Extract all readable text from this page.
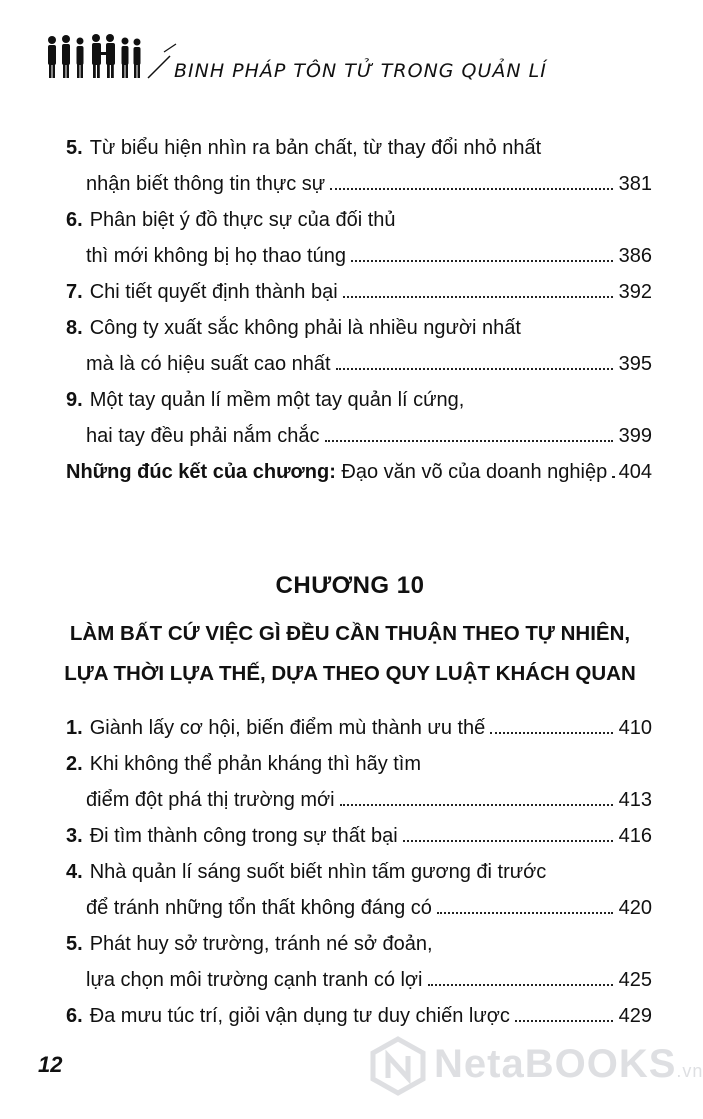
BINH PHÁP TÔN TỬ TRONG QUẢN LÍ
5. Từ biểu hiện nhìn ra bản chất, từ thay đổi nhỏ nhất
nhận biết thông tin thực sự	381
6. Phân biệt ý đồ thực sự của đối thủ
thì mới không bị họ thao túng	386
7. Chi tiết quyết định thành bại	392
8. Công ty xuất sắc không phải là nhiều người nhất
mà là có hiệu suất cao nhất	395
9. Một tay quản lí mềm một tay quản lí cứng,
hai tay đều phải nắm chắc	399
Những đúc kết của chương: Đạo văn võ của doanh nghiệp 404
CHƯƠNG 10
LÀM BẤT CỨ VIỆC GÌ ĐỀU CẦN THUẬN THEO TỰ NHIÊN,
LỰA THỜI LỰA THẾ, DỰA THEO QUY LUẬT KHÁCH QUAN
1. Giành lấy cơ hội, biến điểm mù thành ưu thế	410
2. Khi không thể phản kháng thì hãy tìm
điểm đột phá thị trường mới	413
3. Đi tìm thành công trong sự thất bại	416
4. Nhà quản lí sáng suốt biết nhìn tấm gương đi trước
để tránh những tổn thất không đáng có	420
5. Phát huy sở trường, tránh né sở đoản,
lựa chọn môi trường cạnh tranh có lợi	425
6. Đa mưu túc trí, giỏi vận dụng tư duy chiến lược	429
12	NetaBOOKS.vn
